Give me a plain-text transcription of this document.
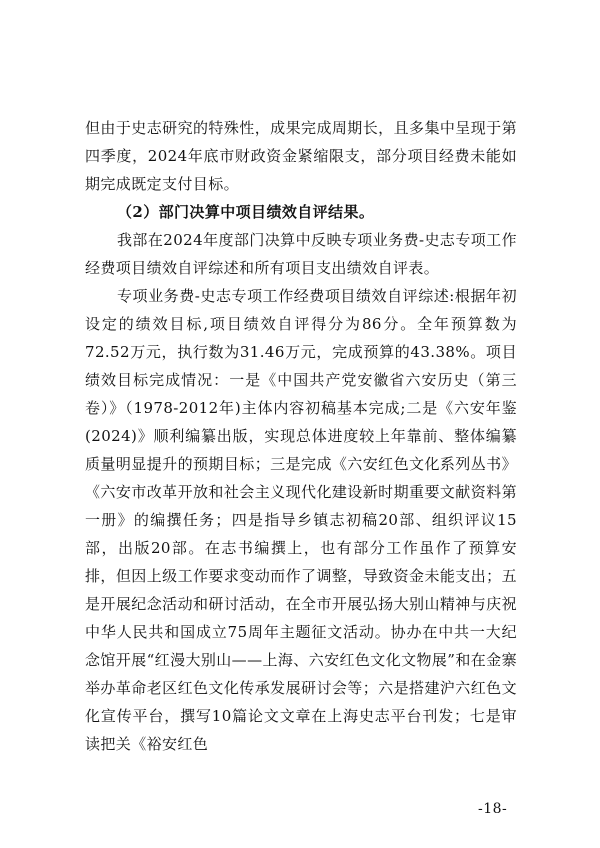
但由于史志研究的特殊性，成果完成周期长，且多集中呈现于第四季度，2024年底市财政资金紧缩限支，部分项目经费未能如期完成既定支付目标。

（2）部门决算中项目绩效自评结果。

我部在2024年度部门决算中反映专项业务费-史志专项工作经费项目绩效自评综述和所有项目支出绩效自评表。

专项业务费-史志专项工作经费项目绩效自评综述:根据年初设定的绩效目标,项目绩效自评得分为86分。全年预算数为72.52万元，执行数为31.46万元，完成预算的43.38%。项目绩效目标完成情况：一是《中国共产党安徽省六安历史（第三卷）》（1978-2012年)主体内容初稿基本完成;二是《六安年鉴(2024)》顺利编纂出版，实现总体进度较上年靠前、整体编纂质量明显提升的预期目标；三是完成《六安红色文化系列丛书》《六安市改革开放和社会主义现代化建设新时期重要文献资料第一册》的编撰任务；四是指导乡镇志初稿20部、组织评议15部，出版20部。在志书编撰上，也有部分工作虽作了预算安排，但因上级工作要求变动而作了调整，导致资金未能支出；五是开展纪念活动和研讨活动，在全市开展弘扬大别山精神与庆祝中华人民共和国成立75周年主题征文活动。协办在中共一大纪念馆开展“红漫大别山——上海、六安红色文化文物展”和在金寨举办革命老区红色文化传承发展研讨会等；六是搭建沪六红色文化宣传平台，撰写10篇论文文章在上海史志平台刊发；七是审读把关《裕安红色

-18-
